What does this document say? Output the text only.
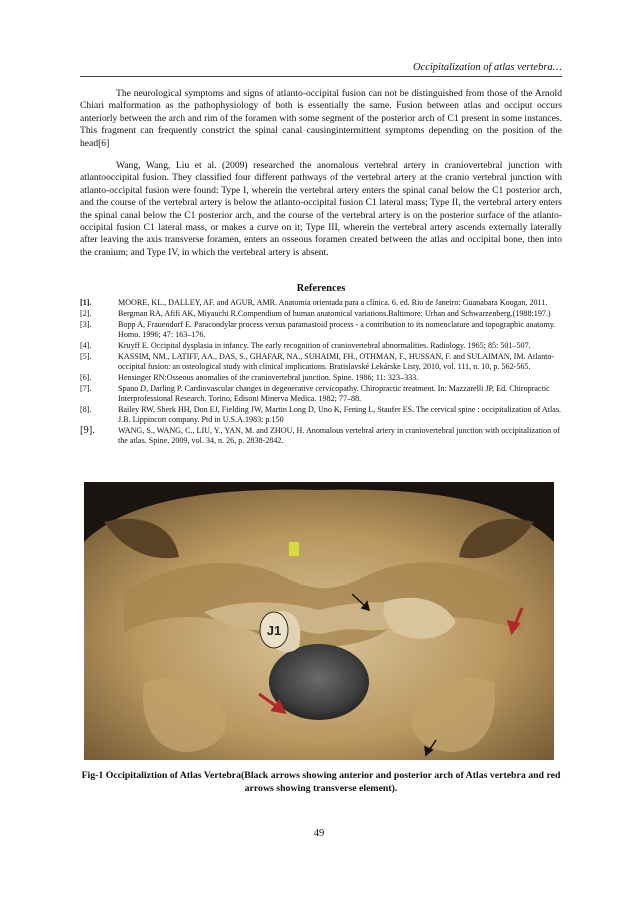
Occipitalization of atlas vertebra…

The neurological symptoms and signs of atlanto-occipital fusion can not be distinguished from those of the Arnold Chiari malformation as the pathophysiology of both is essentially the same. Fusion between atlas and occiput occurs anteriorly between the arch and rim of the foramen with some segment of the posterior arch of C1 present in some instances. This fragment can frequently constrict the spinal canal causingintermittent symptoms depending on the position of the head[6]

Wang, Wang, Liu et al. (2009) researched the anomalous vertebral artery in craniovertebral junction with atlantooccipital fusion. They classified four different pathways of the vertebral artery at the cranio vertebral junction with atlanto-occipital fusion were found: Type I, wherein the vertebral artery enters the spinal canal below the C1 posterior arch, and the course of the vertebral artery is below the atlanto-occipital fusion C1 lateral mass; Type II, the vertebral artery enters the spinal canal below the C1 posterior arch, and the course of the vertebral artery is on the posterior surface of the atlanto-occipital fusion C1 lateral mass, or makes a curve on it; Type III, wherein the vertebral artery ascends externally laterally after leaving the axis transverse foramen, enters an osseous foramen created between the atlas and occipital bone, then into the cranium; and Type IV, in which the vertebral artery is absent.

References
[1].	MOORE, KL., DALLEY, AF. and AGUR, AMR. Anatomia orientada para a clínica. 6. ed. Rio de Janeiro: Guanabara Koogan, 2011.
[2].	Bergman RA, Afifi AK, Miyauchi R.Compendium of human anatomical variations.Baltimore: Urban and Schwarzenberg.(1988:197.)
[3].	Bopp A, Frauendorf E. Paracondylar process versus paramastoid process - a contribution to its nomenclature and topographic anatomy. Homo. 1996; 47: 163–176.
[4].	Kruyff E. Occipital dysplasia in infancy. The early recognition of craniovertebral abnormalities. Radiology. 1965; 85: 501–507.
[5].	KASSIM, NM., LATIFF, AA., DAS, S., GHAFAR, NA., SUHAIMI, FH., OTHMAN, F., HUSSAN, F. and SULAIMAN, IM. Atlanto-occipital fusion: an osteological study with clinical implications. Bratislavské Lekárske Listy, 2010, vol. 111, n. 10, p. 562-565.
[6].	Hensinger RN:Osseous anomalies of the craniovertebral junction. Spine. 1986; 11: 323–333.
[7].	Spano D, Darling P. Cardiovascular changes in degenerative cervicopathy. Chiropractic treatment. In: Mazzarelli JP, Ed. Chiropractic Interprofessional Research. Torino, Edisoni Minerva Medica. 1982; 77–88.
[8].	Bailey RW, Sherk HH, Don EJ, Fielding JW, Martin Long D, Uno K, Fening L, Staufer ES. The cervical spine : occipitalization of Atlas. J.B. Lippincott company. Ptd in U.S.A.1983: p.150
[9].	WANG, S., WANG, C., LIU, Y., YAN, M. and ZHOU, H. Anomalous vertebral artery in craniovertebral junction with occipitalization of the atlas. Spine, 2009, vol. 34, n. 26, p. 2838-2842.
J1
Fig-1 Occipitaliztion of Atlas Vertebra(Black arrows showing anterior and posterior arch of Atlas vertebra and red arrows showing transverse element).
49
